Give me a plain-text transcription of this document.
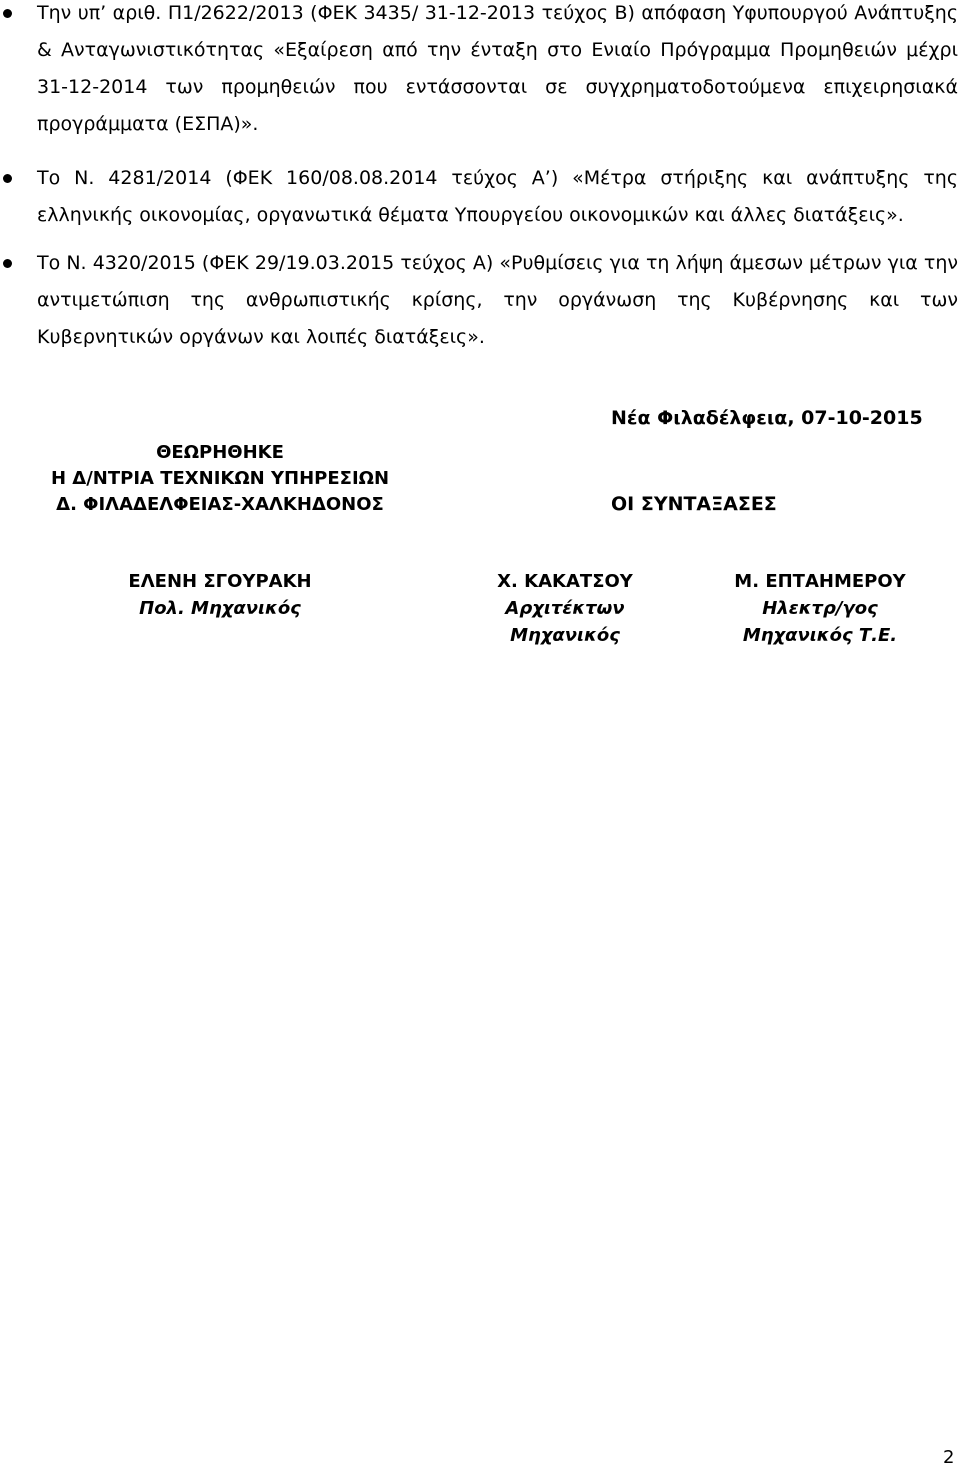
Την υπ’ αριθ. Π1/2622/2013 (ΦΕΚ 3435/ 31-12-2013 τεύχος Β) απόφαση Υφυπουργού Ανάπτυξης & Ανταγωνιστικότητας «Εξαίρεση από την ένταξη στο Ενιαίο Πρόγραμμα Προμηθειών μέχρι 31-12-2014 των προμηθειών που εντάσσονται σε συγχρηματοδοτούμενα επιχειρησιακά προγράμματα (ΕΣΠΑ)».
Το Ν. 4281/2014 (ΦΕΚ 160/08.08.2014 τεύχος Α’) «Μέτρα στήριξης και ανάπτυξης της ελληνικής οικονομίας, οργανωτικά θέματα Υπουργείου οικονομικών και άλλες διατάξεις».
Το Ν. 4320/2015 (ΦΕΚ 29/19.03.2015 τεύχος Α) «Ρυθμίσεις για τη λήψη άμεσων μέτρων για την αντιμετώπιση της ανθρωπιστικής κρίσης, την οργάνωση της Κυβέρνησης και των Κυβερνητικών οργάνων και λοιπές διατάξεις».
Νέα Φιλαδέλφεια, 07-10-2015
ΘΕΩΡΗΘΗΚΕ
Η Δ/ΝΤΡΙΑ ΤΕΧΝΙΚΩΝ ΥΠΗΡΕΣΙΩΝ
Δ. ΦΙΛΑΔΕΛΦΕΙΑΣ-ΧΑΛΚΗΔΟΝΟΣ	ΟΙ ΣΥΝΤΑΞΑΣΕΣ
ΕΛΕΝΗ ΣΓΟΥΡΑΚΗ
Πολ. Μηχανικός
Χ. ΚΑΚΑΤΣΟΥ
Αρχιτέκτων
Μηχανικός
Μ. ΕΠΤΑΗΜΕΡΟΥ
Ηλεκτρ/γος
Μηχανικός Τ.Ε.
2
